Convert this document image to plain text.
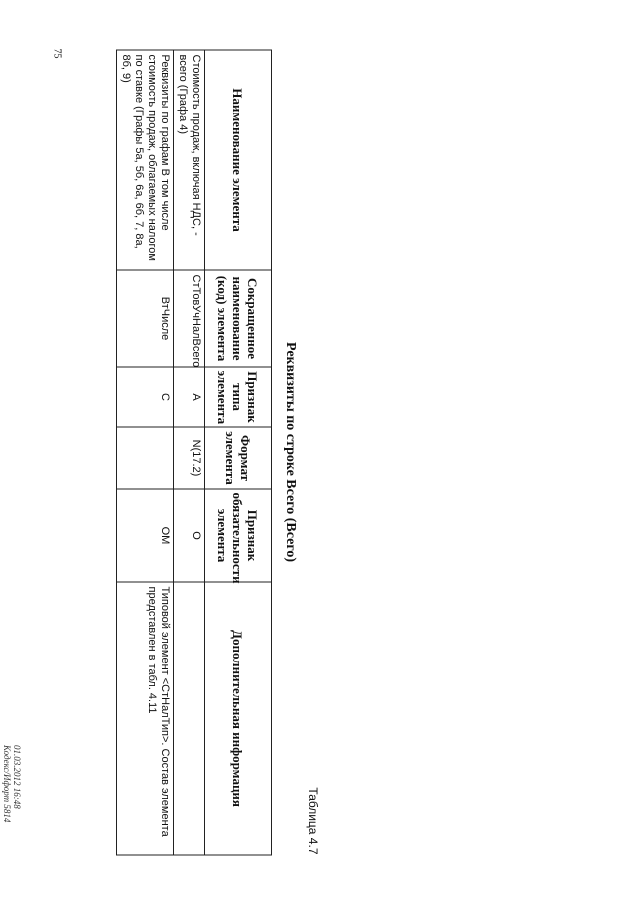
75
Таблица 4.7
Реквизиты по строке Всего (Всего)
Наименование элемента	Сокращенное наименование (код) элемента	Признак типа элемента	Формат элемента	Признак обязательности элемента	Дополнительная информация
Стоимость продаж, включая НДС, - всего (Графа 4)	СтТовУчНалВсего	А	N(17.2)	О	
Реквизиты по графам В том числе стоимость продаж, облагаемых налогом по ставке (Графы 5а, 5б, 6а, 6б, 7, 8а, 8б, 9)	ВтЧисле	С		ОМ	Типовой элемент <СтНалТип>. Состав элемента представлен в табл. 4.11
01.03.2012 16:48
Кодекс/Ифорт 5814
